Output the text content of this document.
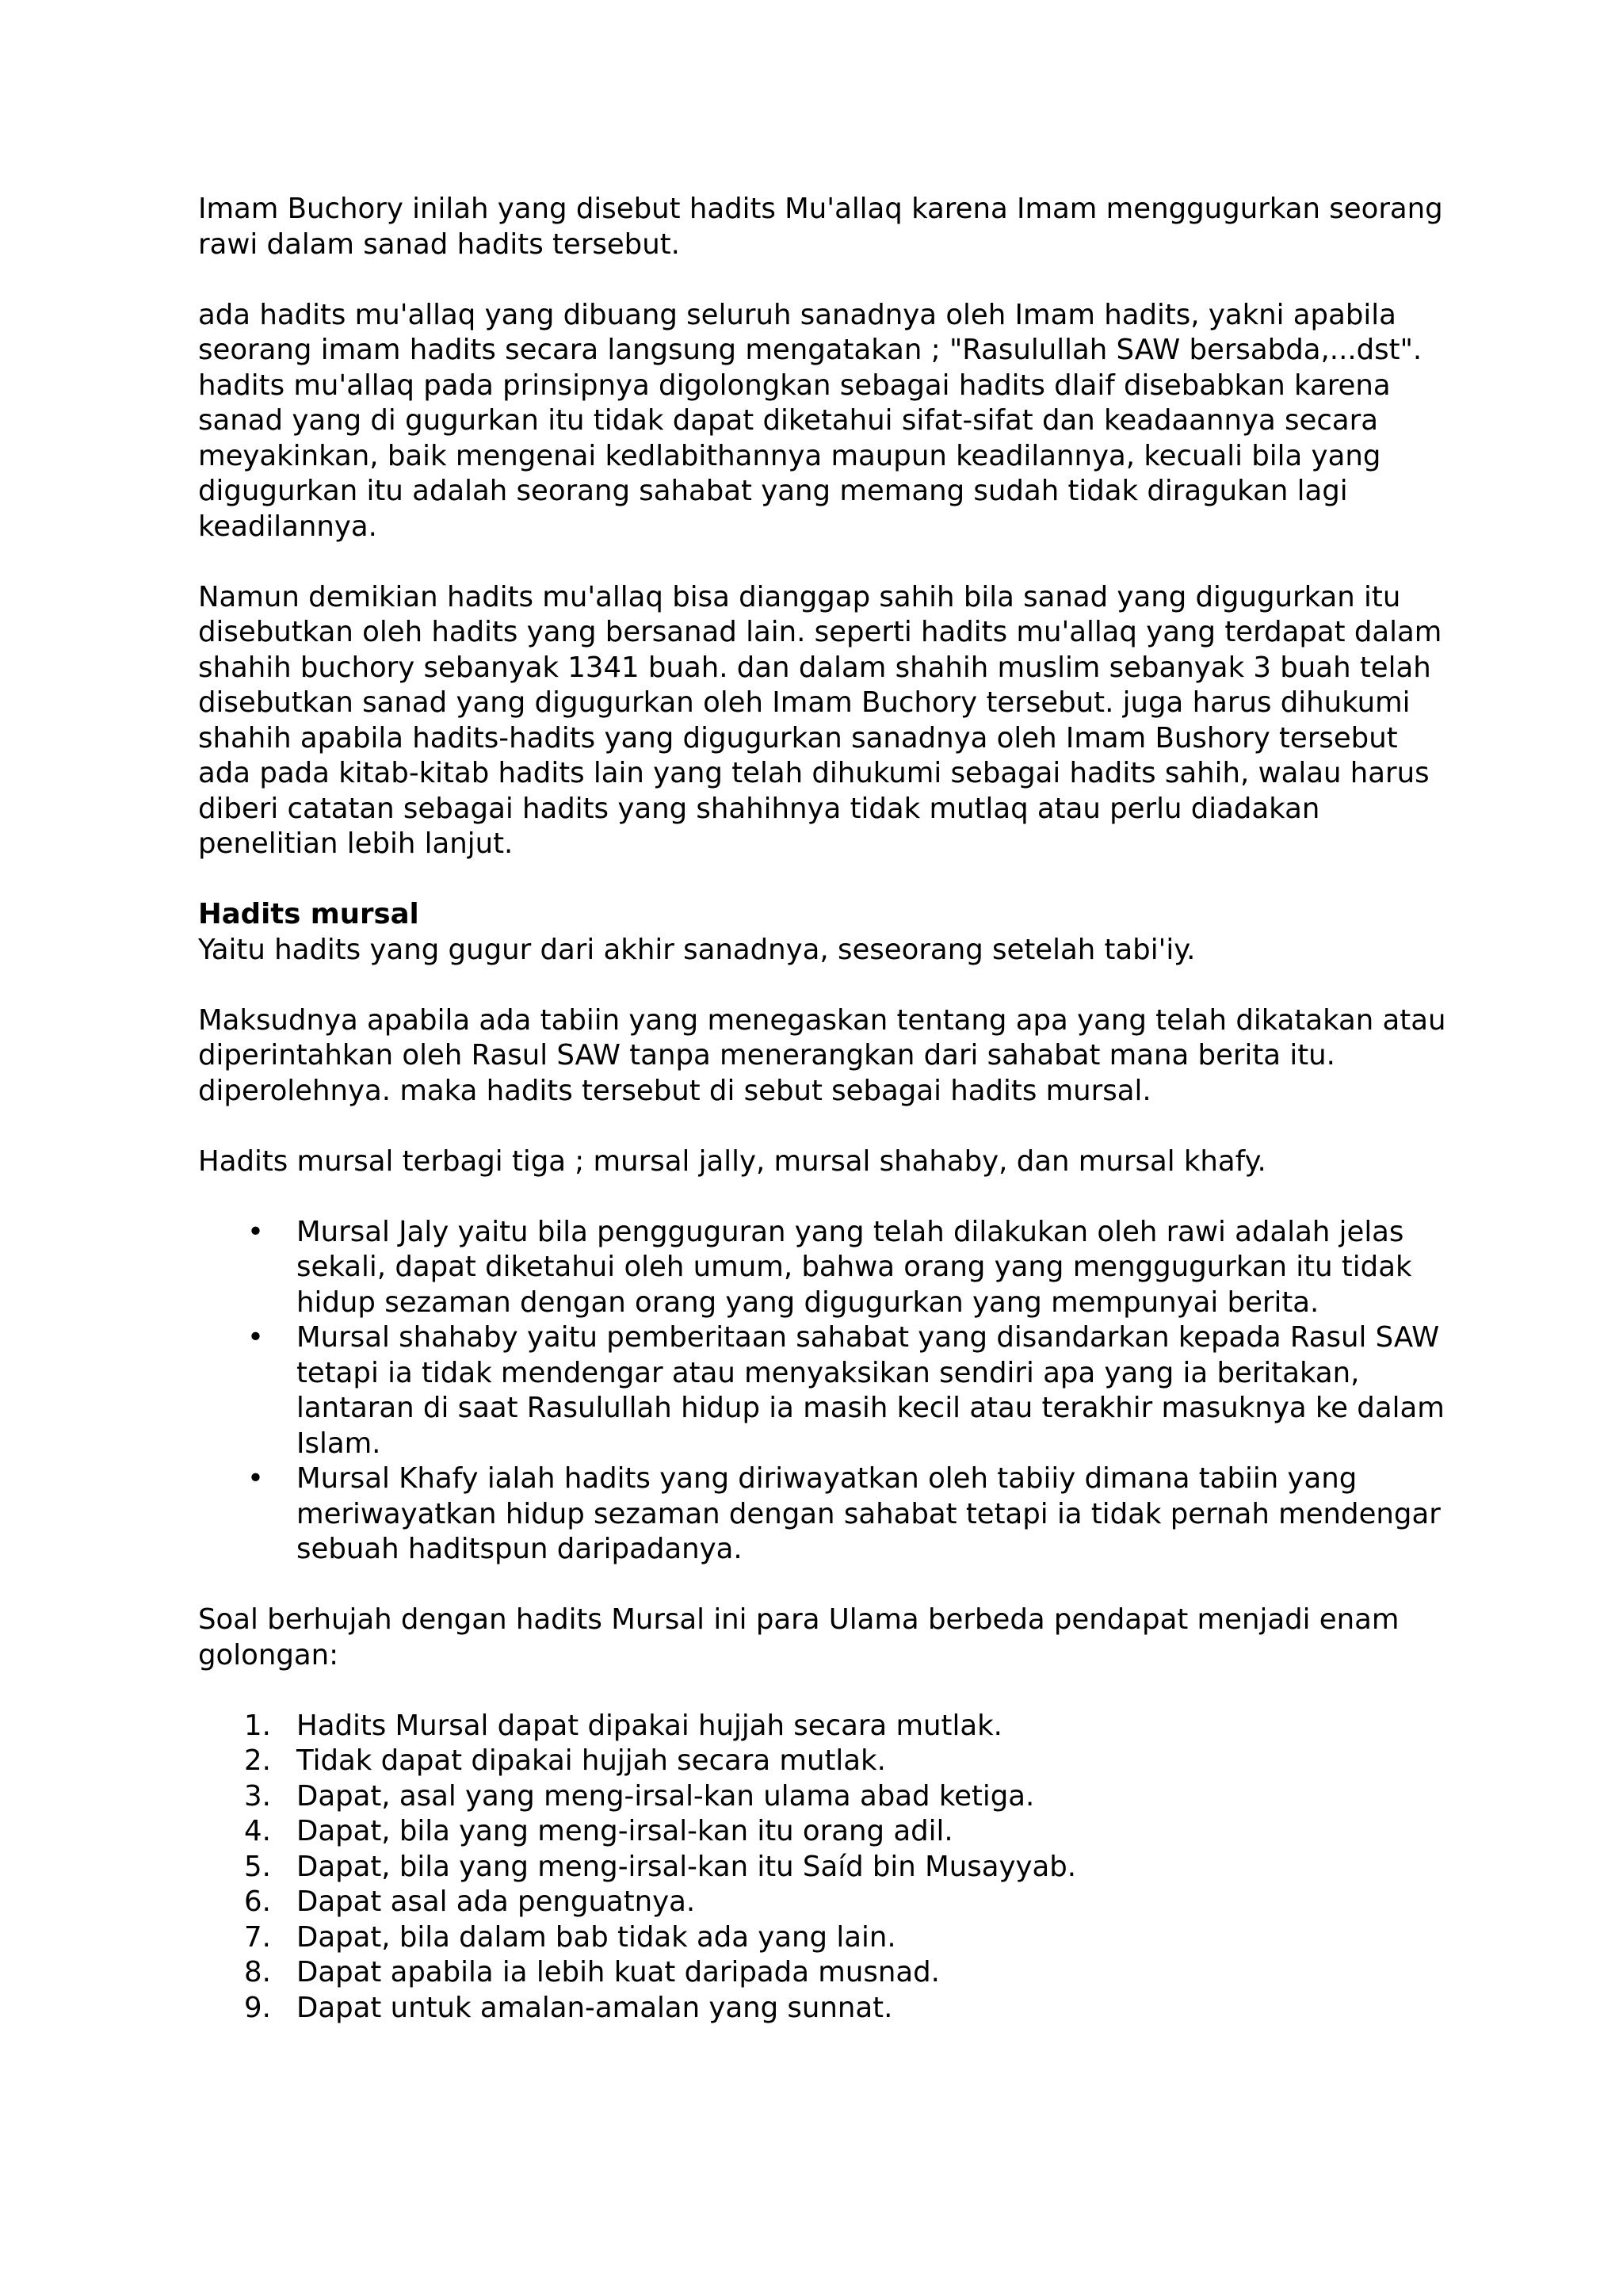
Imam Buchory inilah yang disebut hadits Mu'allaq karena Imam menggugurkan seorang rawi dalam sanad hadits tersebut.

ada hadits mu'allaq yang dibuang seluruh sanadnya oleh Imam hadits, yakni apabila seorang imam hadits secara langsung mengatakan ; "Rasulullah SAW bersabda,...dst". hadits mu'allaq pada prinsipnya digolongkan sebagai hadits dlaif disebabkan karena sanad yang di gugurkan itu tidak dapat diketahui sifat-sifat dan keadaannya secara meyakinkan, baik mengenai kedlabithannya maupun keadilannya, kecuali bila yang digugurkan itu adalah seorang sahabat yang memang sudah tidak diragukan lagi keadilannya.

Namun demikian hadits mu'allaq bisa dianggap sahih bila sanad yang digugurkan itu disebutkan oleh hadits yang bersanad lain. seperti hadits mu'allaq yang terdapat dalam shahih buchory sebanyak 1341 buah. dan dalam shahih muslim sebanyak 3 buah telah disebutkan sanad yang digugurkan oleh Imam Buchory tersebut. juga harus dihukumi shahih apabila hadits-hadits yang digugurkan sanadnya oleh Imam Bushory tersebut ada pada kitab-kitab hadits lain yang telah dihukumi sebagai hadits sahih, walau harus diberi catatan sebagai hadits yang shahihnya tidak mutlaq atau perlu diadakan penelitian lebih lanjut.

Hadits mursal

Yaitu hadits yang gugur dari akhir sanadnya, seseorang setelah tabi'iy.

Maksudnya apabila ada tabiin yang menegaskan tentang apa yang telah dikatakan atau diperintahkan oleh Rasul SAW tanpa menerangkan dari sahabat mana berita itu. diperolehnya. maka hadits tersebut di sebut sebagai hadits mursal.

Hadits mursal terbagi tiga ; mursal jally, mursal shahaby, dan mursal khafy.

• Mursal Jaly yaitu bila pengguguran yang telah dilakukan oleh rawi adalah jelas sekali, dapat diketahui oleh umum, bahwa orang yang menggugurkan itu tidak hidup sezaman dengan orang yang digugurkan yang mempunyai berita.
• Mursal shahaby yaitu pemberitaan sahabat yang disandarkan kepada Rasul SAW tetapi ia tidak mendengar atau menyaksikan sendiri apa yang ia beritakan, lantaran di saat Rasulullah hidup ia masih kecil atau terakhir masuknya ke dalam Islam.
• Mursal Khafy ialah hadits yang diriwayatkan oleh tabiiy dimana tabiin yang meriwayatkan hidup sezaman dengan sahabat tetapi ia tidak pernah mendengar sebuah haditspun daripadanya.

Soal berhujah dengan hadits Mursal ini para Ulama berbeda pendapat menjadi enam golongan:

1. Hadits Mursal dapat dipakai hujjah secara mutlak.
2. Tidak dapat dipakai hujjah secara mutlak.
3. Dapat, asal yang meng-irsal-kan ulama abad ketiga.
4. Dapat, bila yang meng-irsal-kan itu orang adil.
5. Dapat, bila yang meng-irsal-kan itu Saíd bin Musayyab.
6. Dapat asal ada penguatnya.
7. Dapat, bila dalam bab tidak ada yang lain.
8. Dapat apabila ia lebih kuat daripada musnad.
9. Dapat untuk amalan-amalan yang sunnat.
